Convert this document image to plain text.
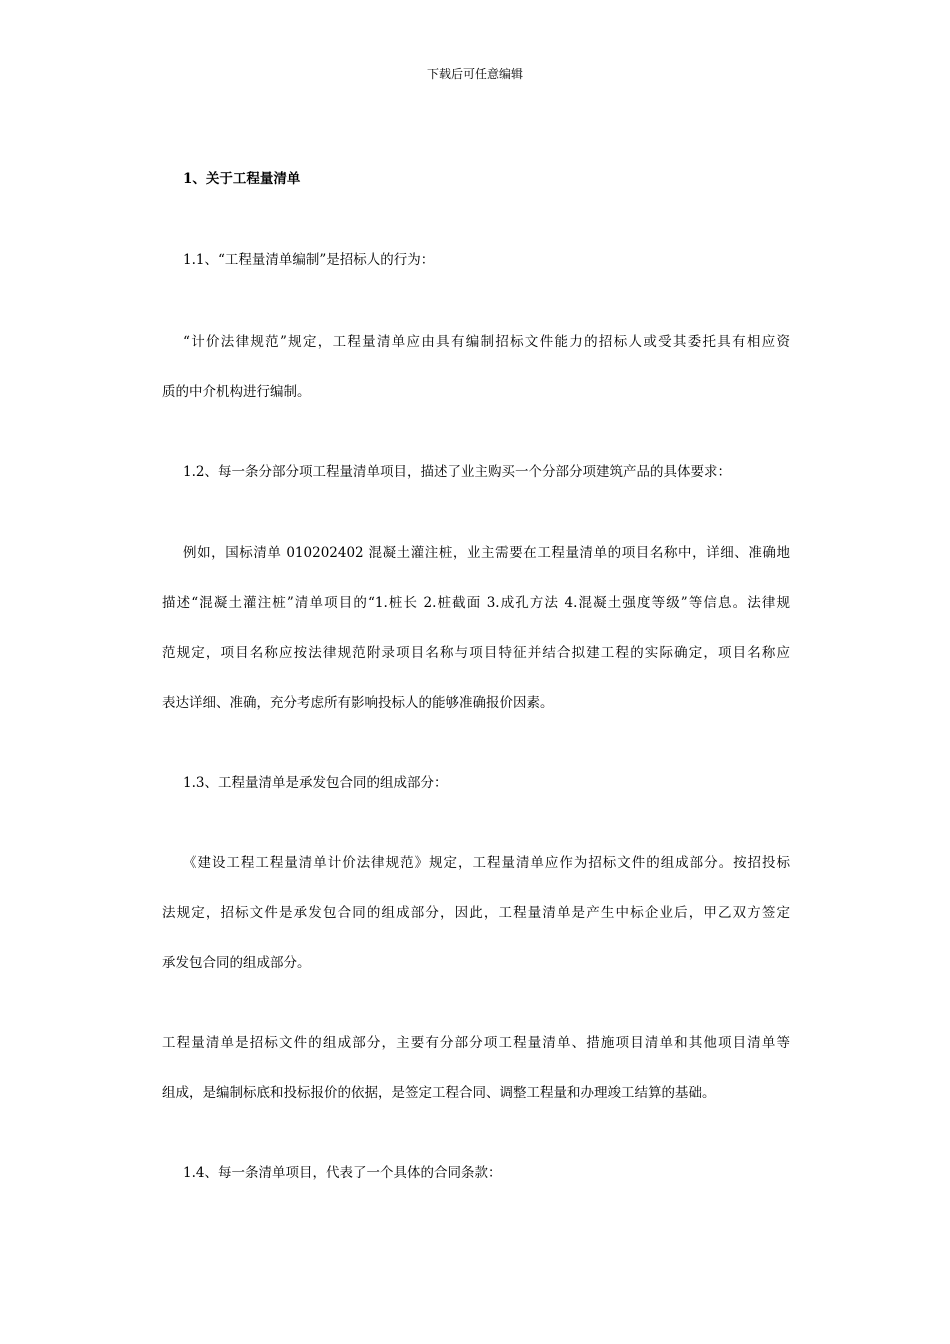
下载后可任意编辑
1、关于工程量清单
1.1、“工程量清单编制”是招标人的行为：
“计价法律规范”规定，工程量清单应由具有编制招标文件能力的招标人或受其委托具有相应资
质的中介机构进行编制。
1.2、每一条分部分项工程量清单项目，描述了业主购买一个分部分项建筑产品的具体要求：
例如，国标清单 010202402 混凝土灌注桩，业主需要在工程量清单的项目名称中，详细、准确地
描述“混凝土灌注桩”清单项目的“1.桩长 2.桩截面 3.成孔方法 4.混凝土强度等级”等信息。法律规
范规定，项目名称应按法律规范附录项目名称与项目特征并结合拟建工程的实际确定，项目名称应
表达详细、准确，充分考虑所有影响投标人的能够准确报价因素。
1.3、工程量清单是承发包合同的组成部分：
《建设工程工程量清单计价法律规范》规定，工程量清单应作为招标文件的组成部分。按招投标
法规定，招标文件是承发包合同的组成部分，因此，工程量清单是产生中标企业后，甲乙双方签定
承发包合同的组成部分。
工程量清单是招标文件的组成部分，主要有分部分项工程量清单、措施项目清单和其他项目清单等
组成，是编制标底和投标报价的依据，是签定工程合同、调整工程量和办理竣工结算的基础。
1.4、每一条清单项目，代表了一个具体的合同条款：
